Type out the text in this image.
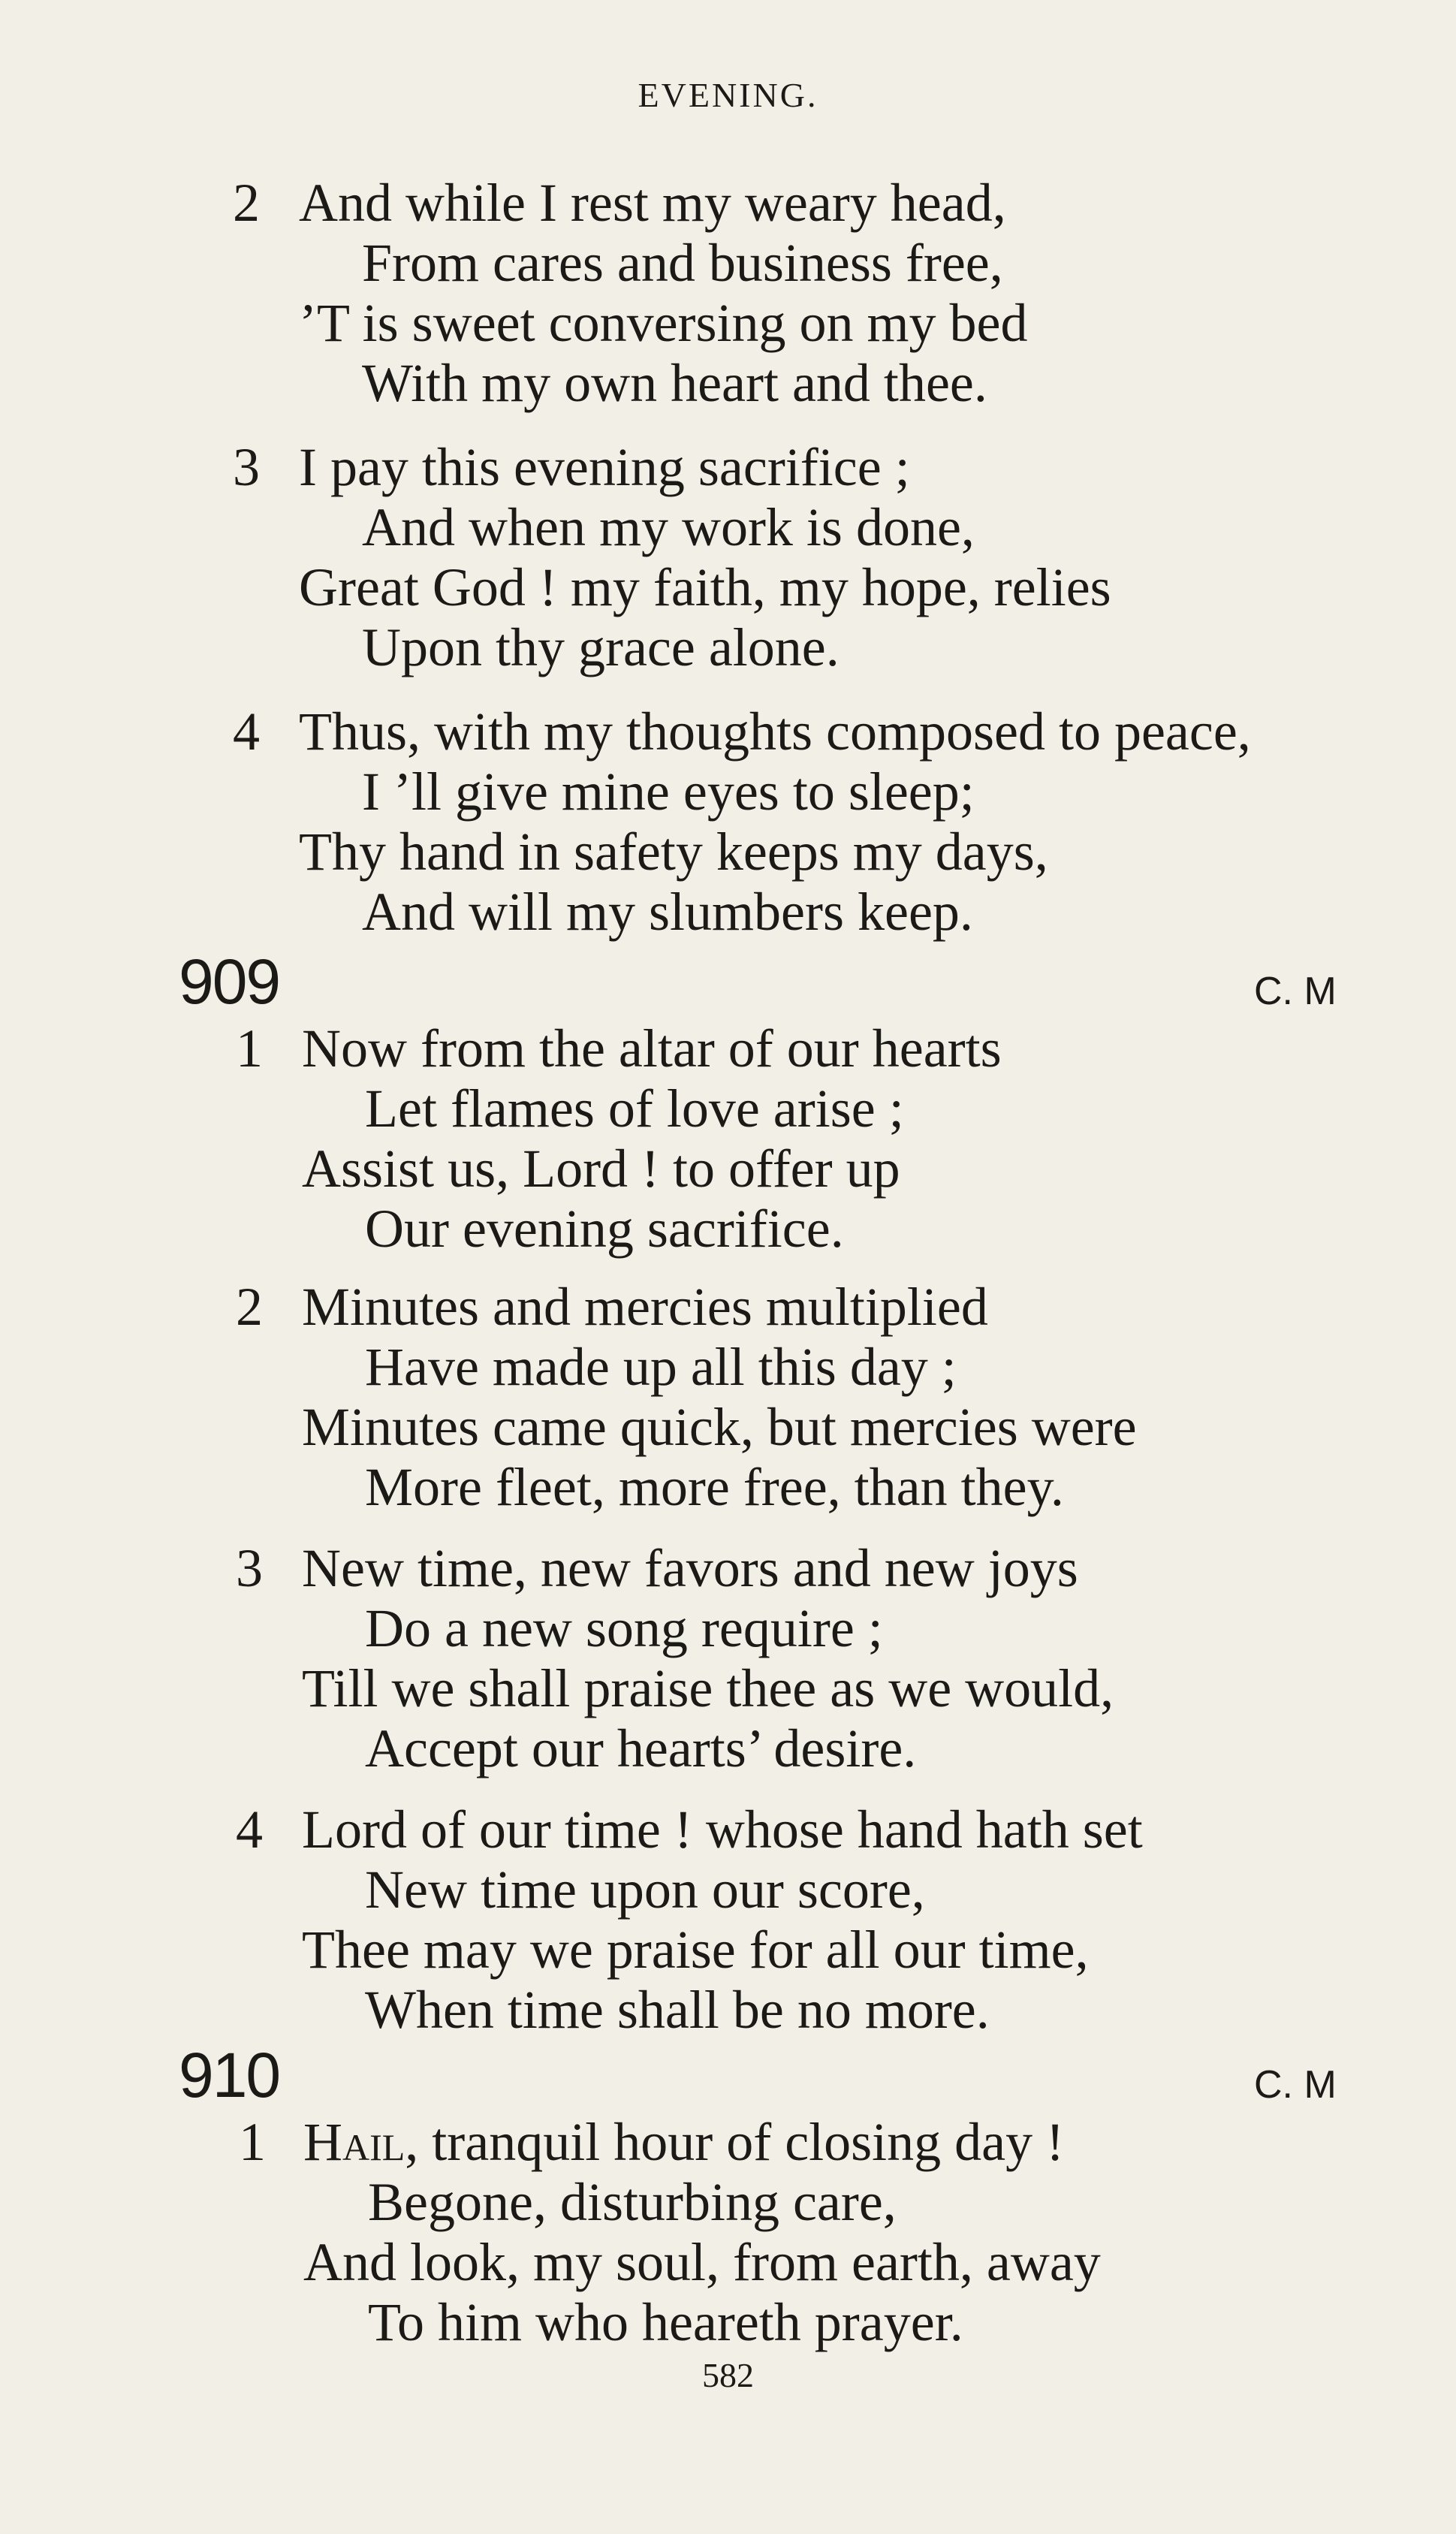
EVENING.
2 And while I rest my weary head,
From cares and business free,
’T is sweet conversing on my bed
With my own heart and thee.
3 I pay this evening sacrifice ;
And when my work is done,
Great God ! my faith, my hope, relies
Upon thy grace alone.
4 Thus, with my thoughts composed to peace,
I ’ll give mine eyes to sleep;
Thy hand in safety keeps my days,
And will my slumbers keep.
909	C. M
1 Now from the altar of our hearts
Let flames of love arise ;
Assist us, Lord ! to offer up
Our evening sacrifice.
2 Minutes and mercies multiplied
Have made up all this day ;
Minutes came quick, but mercies were
More fleet, more free, than they.
3 New time, new favors and new joys
Do a new song require ;
Till we shall praise thee as we would,
Accept our hearts’ desire.
4 Lord of our time ! whose hand hath set
New time upon our score,
Thee may we praise for all our time,
When time shall be no more.
910	C. M
1 Hail, tranquil hour of closing day !
Begone, disturbing care,
And look, my soul, from earth, away
To him who heareth prayer.
582
